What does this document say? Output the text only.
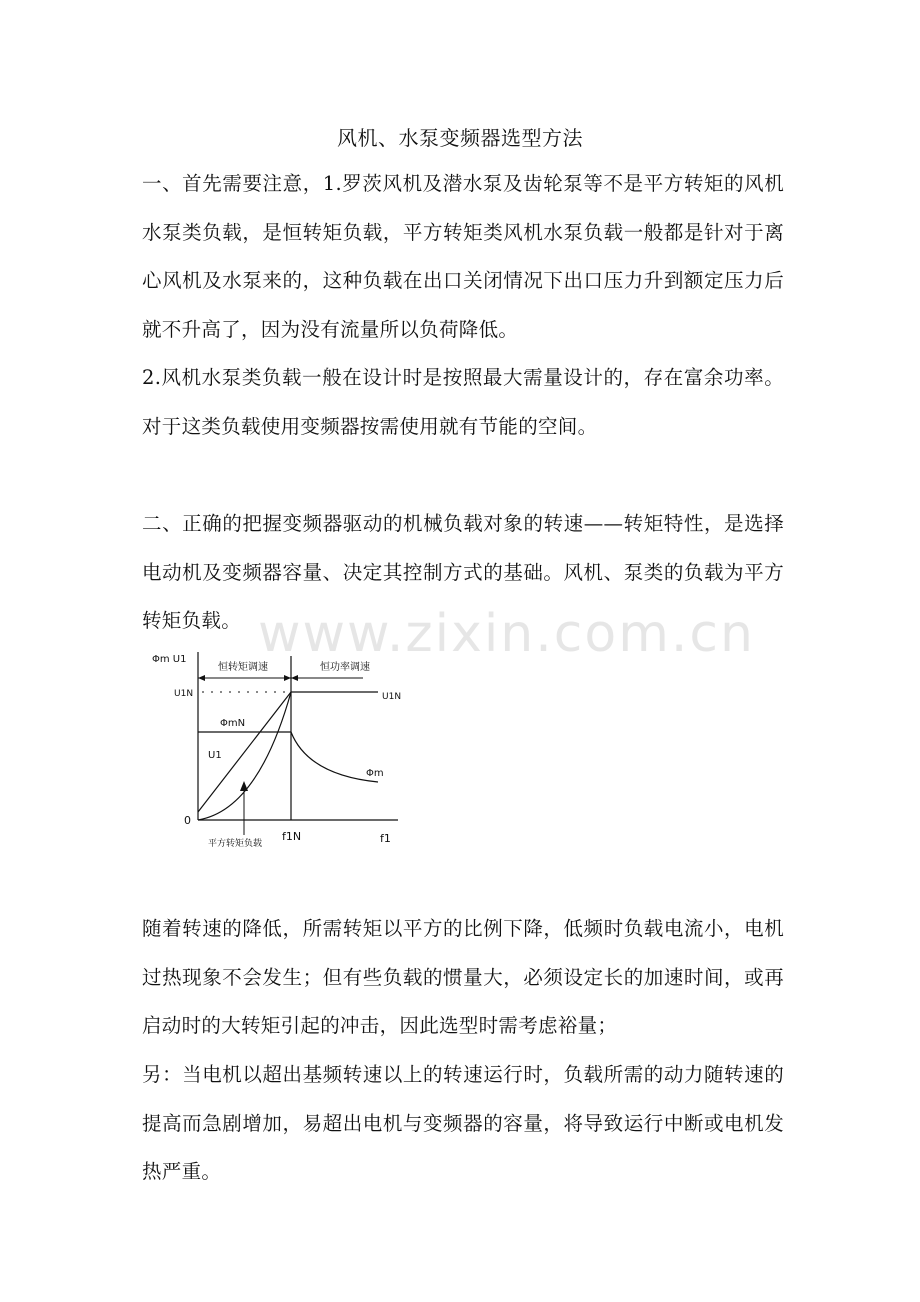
风机、水泵变频器选型方法

一、首先需要注意，1.罗茨风机及潜水泵及齿轮泵等不是平方转矩的风机水泵类负载，是恒转矩负载，平方转矩类风机水泵负载一般都是针对于离心风机及水泵来的，这种负载在出口关闭情况下出口压力升到额定压力后就不升高了，因为没有流量所以负荷降低。

2.风机水泵类负载一般在设计时是按照最大需量设计的，存在富余功率。对于这类负载使用变频器按需使用就有节能的空间。

二、正确的把握变频器驱动的机械负载对象的转速——转矩特性，是选择电动机及变频器容量、决定其控制方式的基础。风机、泵类的负载为平方转矩负载。

Φm U1
恒转矩调速	恒功率调速
U1N	U1N
ΦmN
U1
Φm
0
f1N	f1
平方转矩负载

随着转速的降低，所需转矩以平方的比例下降，低频时负载电流小，电机过热现象不会发生；但有些负载的惯量大，必须设定长的加速时间，或再启动时的大转矩引起的冲击，因此选型时需考虑裕量；

另：当电机以超出基频转速以上的转速运行时，负载所需的动力随转速的提高而急剧增加，易超出电机与变频器的容量，将导致运行中断或电机发热严重。

www.zixin.com.cn
